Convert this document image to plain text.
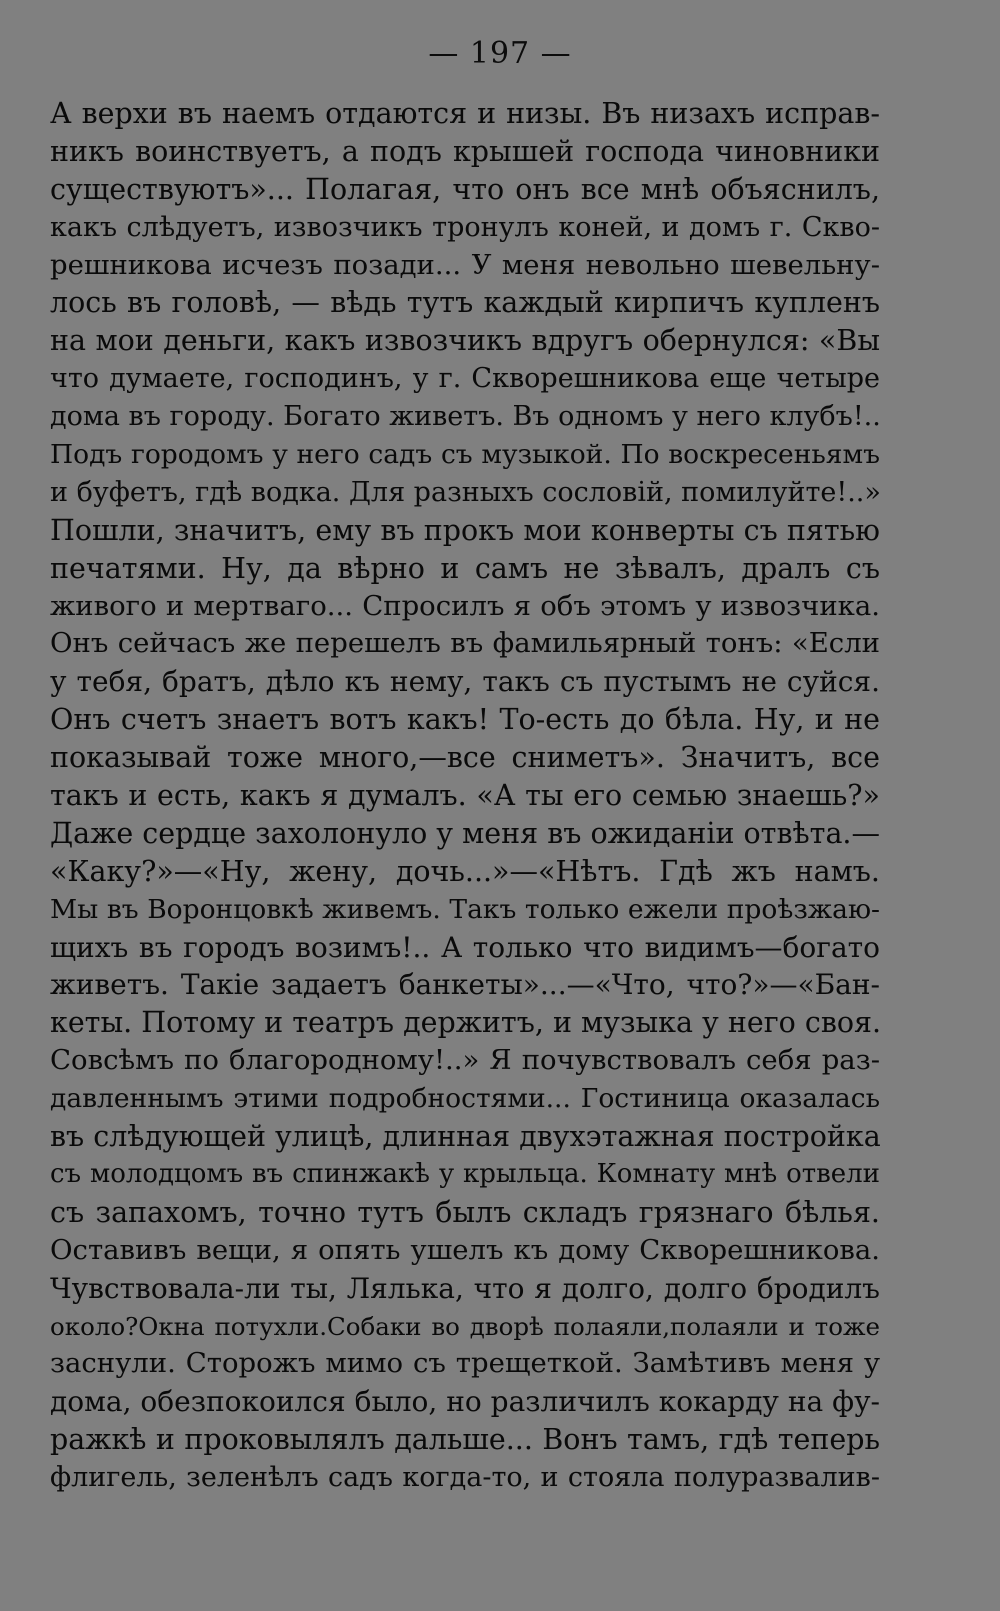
— 197 —
А верхи въ наемъ отдаются и низы. Въ низахъ исправ-
никъ воинствуетъ, а подъ крышей господа чиновники
существуютъ»... Полагая, что онъ все мнѣ объяснилъ,
какъ слѣдуетъ, извозчикъ тронулъ коней, и домъ г. Скво-
решникова исчезъ позади... У меня невольно шевельну-
лось въ головѣ, — вѣдь тутъ каждый кирпичъ купленъ
на мои деньги, какъ извозчикъ вдругъ обернулся: «Вы
что думаете, господинъ, у г. Скворешникова еще четыре
дома въ городу. Богато живетъ. Въ одномъ у него клубъ!..
Подъ городомъ у него садъ съ музыкой. По воскресеньямъ
и буфетъ, гдѣ водка. Для разныхъ сословій, помилуйте!..»
Пошли, значитъ, ему въ прокъ мои конверты съ пятью
печатями. Ну, да вѣрно и самъ не зѣвалъ, дралъ съ
живого и мертваго... Спросилъ я объ этомъ у извозчика.
Онъ сейчасъ же перешелъ въ фамильярный тонъ: «Если
у тебя, братъ, дѣло къ нему, такъ съ пустымъ не суйся.
Онъ счетъ знаетъ вотъ какъ! То-есть до бѣла. Ну, и не
показывай тоже много,—все сниметъ». Значитъ, все
такъ и есть, какъ я думалъ. «А ты его семью знаешь?»
Даже сердце захолонуло у меня въ ожиданіи отвѣта.—
«Каку?»—«Ну, жену, дочь...»—«Нѣтъ. Гдѣ жъ намъ.
Мы въ Воронцовкѣ живемъ. Такъ только ежели проѣзжаю-
щихъ въ городъ возимъ!.. А только что видимъ—богато
живетъ. Такіе задаетъ банкеты»...—«Что, что?»—«Бан-
кеты. Потому и театръ держитъ, и музыка у него своя.
Совсѣмъ по благородному!..» Я почувствовалъ себя раз-
давленнымъ этими подробностями... Гостиница оказалась
въ слѣдующей улицѣ, длинная двухэтажная постройка
съ молодцомъ въ спинжакѣ у крыльца. Комнату мнѣ отвели
съ запахомъ, точно тутъ былъ складъ грязнаго бѣлья.
Оставивъ вещи, я опять ушелъ къ дому Скворешникова.
Чувствовала-ли ты, Лялька, что я долго, долго бродилъ
около?Окна потухли.Собаки во дворѣ полаяли,полаяли и тоже
заснули. Сторожъ мимо съ трещеткой. Замѣтивъ меня у
дома, обезпокоился было, но различилъ кокарду на фу-
ражкѣ и проковылялъ дальше... Вонъ тамъ, гдѣ теперь
флигель, зеленѣлъ садъ когда-то, и стояла полуразвалив-
